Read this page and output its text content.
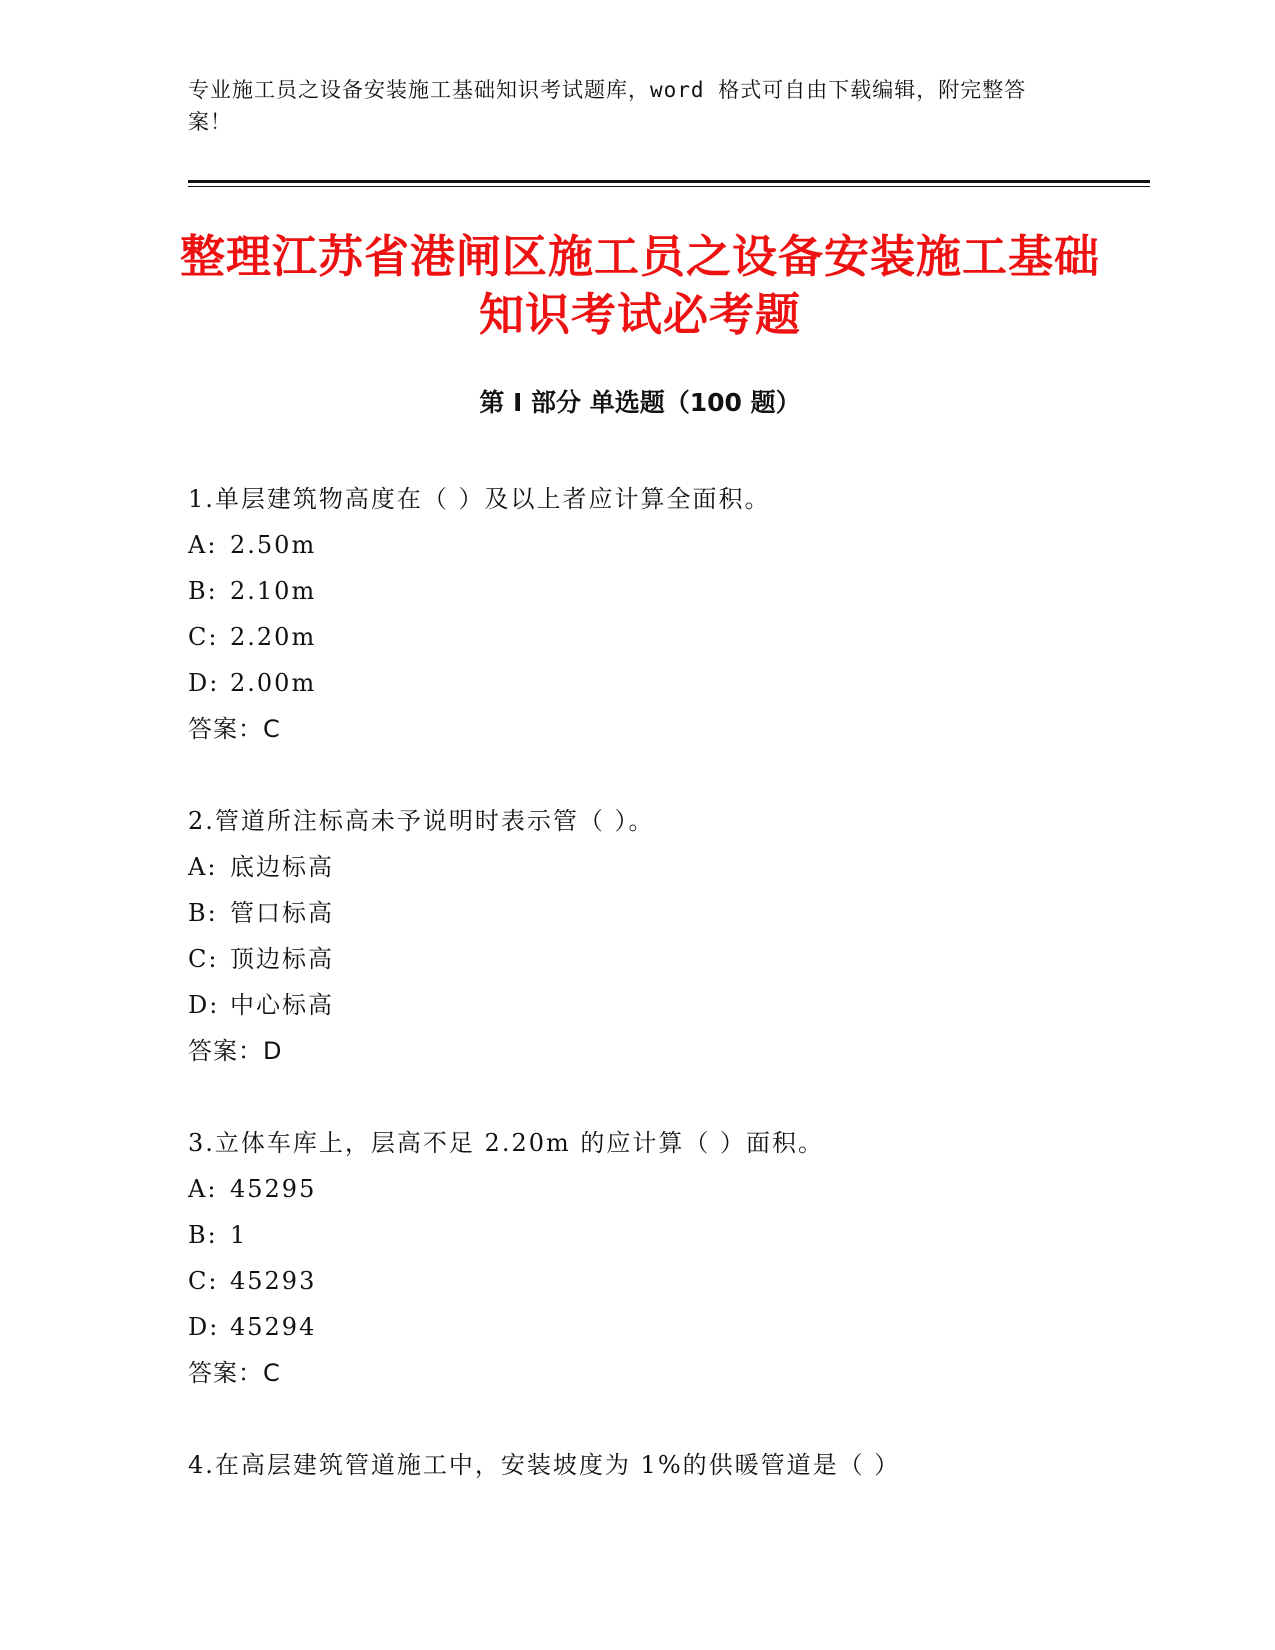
专业施工员之设备安装施工基础知识考试题库，word 格式可自由下载编辑，附完整答案！
整理江苏省港闸区施工员之设备安装施工基础知识考试必考题
第 I 部分 单选题（100 题）
1 . 单层建筑物高度在（ ）及以上者应计算全面积。
A : 2.50m
B : 2.10m
C : 2.20m
D : 2.00m
答案 ： C
2 . 管道所注标高未予说明时表示管（ ）。
A : 底边标高
B : 管口标高
C : 顶边标高
D : 中心标高
答案 ： D
3 . 立体车库上，层高不足 2.20m 的应计算（ ）面积。
A : 45295
B : 1
C : 45293
D : 45294
答案 ： C
4 . 在高层建筑管道施工中，安装坡度为 1%的供暖管道是（ ）
